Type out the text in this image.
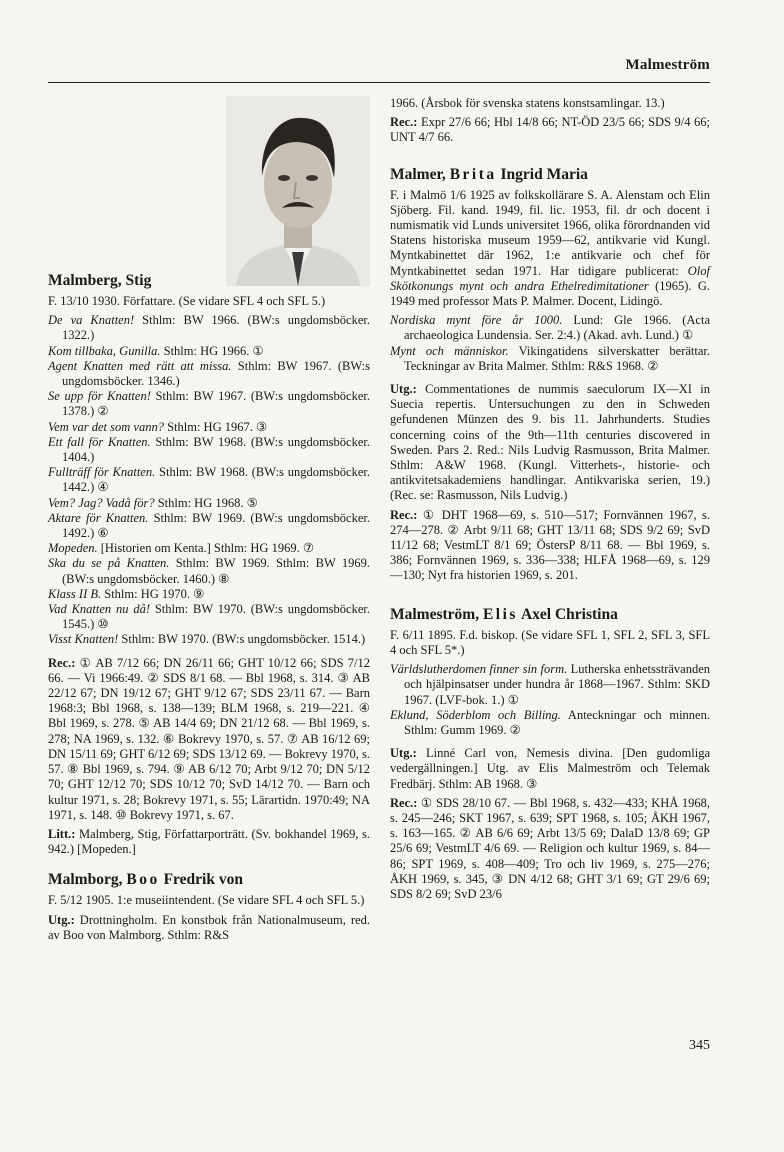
Malmeström
Malmberg, Stig

F. 13/10 1930. Författare. (Se vidare SFL 4 och SFL 5.)

De va Knatten! Sthlm: BW 1966. (BW:s ungdomsböcker. 1322.)

Kom tillbaka, Gunilla. Sthlm: HG 1966. ①

Agent Knatten med rätt att missa. Sthlm: BW 1967. (BW:s ungdomsböcker. 1346.)

Se upp för Knatten! Sthlm: BW 1967. (BW:s ungdomsböcker. 1378.) ②

Vem var det som vann? Sthlm: HG 1967. ③

Ett fall för Knatten. Sthlm: BW 1968. (BW:s ungdomsböcker. 1404.)

Fullträff för Knatten. Sthlm: BW 1968. (BW:s ungdomsböcker. 1442.) ④

Vem? Jag? Vadå för? Sthlm: HG 1968. ⑤

Aktare för Knatten. Sthlm: BW 1969. (BW:s ungdomsböcker. 1492.) ⑥

Mopeden. [Historien om Kenta.] Sthlm: HG 1969. ⑦

Ska du se på Knatten. Sthlm: BW 1969. Sthlm: BW 1969. (BW:s ungdomsböcker. 1460.) ⑧

Klass II B. Sthlm: HG 1970. ⑨

Vad Knatten nu då! Sthlm: BW 1970. (BW:s ungdomsböcker. 1545.) ⑩

Visst Knatten! Sthlm: BW 1970. (BW:s ungdomsböcker. 1514.)

Rec.: ① AB 7/12 66; DN 26/11 66; GHT 10/12 66; SDS 7/12 66. — Vi 1966:49. ② SDS 8/1 68. — Bbl 1968, s. 314. ③ AB 22/12 67; DN 19/12 67; GHT 9/12 67; SDS 23/11 67. — Barn 1968:3; Bbl 1968, s. 138—139; BLM 1968, s. 219—221. ④ Bbl 1969, s. 278. ⑤ AB 14/4 69; DN 21/12 68. — Bbl 1969, s. 278; NA 1969, s. 132. ⑥ Bokrevy 1970, s. 57. ⑦ AB 16/12 69; DN 15/11 69; GHT 6/12 69; SDS 13/12 69. — Bokrevy 1970, s. 57. ⑧ Bbl 1969, s. 794. ⑨ AB 6/12 70; Arbt 9/12 70; DN 5/12 70; GHT 12/12 70; SDS 10/12 70; SvD 14/12 70. — Barn och kultur 1971, s. 28; Bokrevy 1971, s. 55; Lärartidn. 1970:49; NA 1971, s. 148. ⑩ Bokrevy 1971, s. 67.

Litt.: Malmberg, Stig, Författarporträtt. (Sv. bokhandel 1969, s. 942.) [Mopeden.]

Malmborg, Boo Fredrik von

F. 5/12 1905. 1:e museiintendent. (Se vidare SFL 4 och SFL 5.)

Utg.: Drottningholm. En konstbok från Nationalmuseum, red. av Boo von Malmborg. Sthlm: R&S

1966. (Årsbok för svenska statens konstsamlingar. 13.)

Rec.: Expr 27/6 66; Hbl 14/8 66; NT-ÖD 23/5 66; SDS 9/4 66; UNT 4/7 66.

Malmer, Brita Ingrid Maria

F. i Malmö 1/6 1925 av folkskollärare S. A. Alenstam och Elin Sjöberg. Fil. kand. 1949, fil. lic. 1953, fil. dr och docent i numismatik vid Lunds universitet 1966, olika förordnanden vid Statens historiska museum 1959—62, antikvarie vid Kungl. Myntkabinettet där 1962, 1:e antikvarie och chef för Myntkabinettet sedan 1971. Har tidigare publicerat: Olof Skötkonungs mynt och andra Ethelredimitationer (1965). G. 1949 med professor Mats P. Malmer. Docent, Lidingö.

Nordiska mynt före år 1000. Lund: Gle 1966. (Acta archaeologica Lundensia. Ser. 2:4.) (Akad. avh. Lund.) ①

Mynt och människor. Vikingatidens silverskatter berättar. Teckningar av Brita Malmer. Sthlm: R&S 1968. ②

Utg.: Commentationes de nummis saeculorum IX—XI in Suecia repertis. Untersuchungen zu den in Schweden gefundenen Münzen des 9. bis 11. Jahrhunderts. Studies concerning coins of the 9th—11th centuries discovered in Sweden. Pars 2. Red.: Nils Ludvig Rasmusson, Brita Malmer. Sthlm: A&W 1968. (Kungl. Vitterhets-, historie- och antikvitetsakademiens handlingar. Antikvariska serien, 19.) (Rec. se: Rasmusson, Nils Ludvig.)

Rec.: ① DHT 1968—69, s. 510—517; Fornvännen 1967, s. 274—278. ② Arbt 9/11 68; GHT 13/11 68; SDS 9/2 69; SvD 11/12 68; VestmLT 8/1 69; ÖstersP 8/11 68. — Bbl 1969, s. 386; Fornvännen 1969, s. 336—338; HLFÅ 1968—69, s. 129—130; Nyt fra historien 1969, s. 201.

Malmeström, Elis Axel Christina

F. 6/11 1895. F.d. biskop. (Se vidare SFL 1, SFL 2, SFL 3, SFL 4 och SFL 5*.)

Världslutherdomen finner sin form. Lutherska enhetssträvanden och hjälpinsatser under hundra år 1868—1967. Sthlm: SKD 1967. (LVF-bok. 1.) ①

Eklund, Söderblom och Billing. Anteckningar och minnen. Sthlm: Gumm 1969. ②

Utg.: Linné Carl von, Nemesis divina. [Den gudomliga vedergällningen.] Utg. av Elis Malmeström och Telemak Fredbärj. Sthlm: AB 1968. ③

Rec.: ① SDS 28/10 67. — Bbl 1968, s. 432—433; KHÅ 1968, s. 245—246; SKT 1967, s. 639; SPT 1968, s. 105; ÅKH 1967, s. 163—165. ② AB 6/6 69; Arbt 13/5 69; DalaD 13/8 69; GP 25/6 69; VestmLT 4/6 69. — Religion och kultur 1969, s. 84—86; SPT 1969, s. 408—409; Tro och liv 1969, s. 275—276; ÅKH 1969, s. 345, ③ DN 4/12 68; GHT 3/1 69; GT 29/6 69; SDS 8/2 69; SvD 23/6

345
